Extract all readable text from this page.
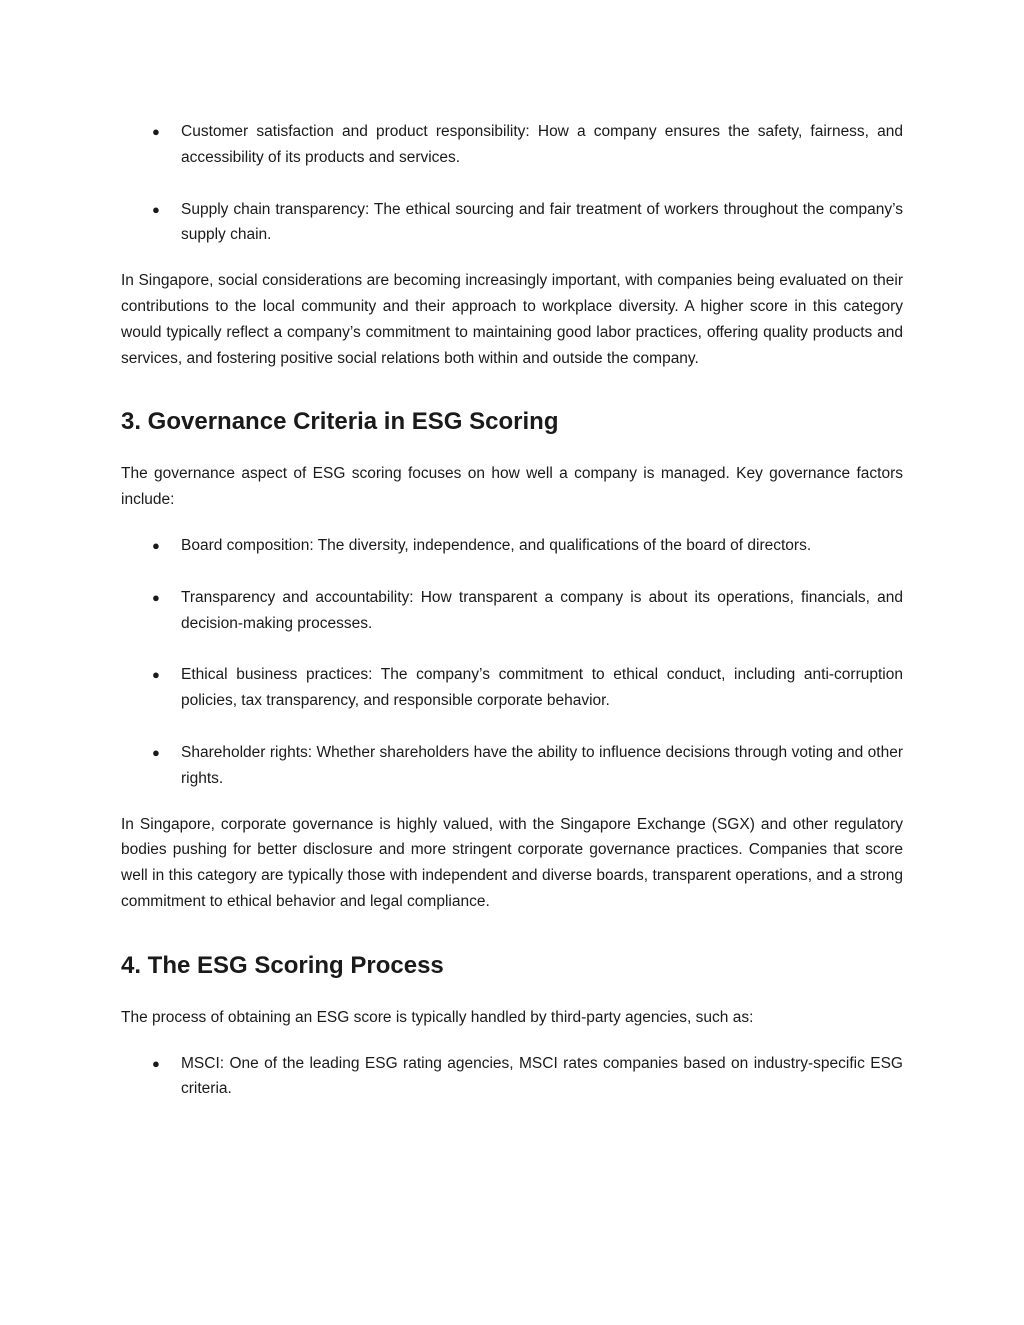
● Customer satisfaction and product responsibility: How a company ensures the safety, fairness, and accessibility of its products and services.
● Supply chain transparency: The ethical sourcing and fair treatment of workers throughout the company’s supply chain.

In Singapore, social considerations are becoming increasingly important, with companies being evaluated on their contributions to the local community and their approach to workplace diversity. A higher score in this category would typically reflect a company’s commitment to maintaining good labor practices, offering quality products and services, and fostering positive social relations both within and outside the company.

3. Governance Criteria in ESG Scoring

The governance aspect of ESG scoring focuses on how well a company is managed. Key governance factors include:

● Board composition: The diversity, independence, and qualifications of the board of directors.
● Transparency and accountability: How transparent a company is about its operations, financials, and decision-making processes.
● Ethical business practices: The company’s commitment to ethical conduct, including anti-corruption policies, tax transparency, and responsible corporate behavior.
● Shareholder rights: Whether shareholders have the ability to influence decisions through voting and other rights.

In Singapore, corporate governance is highly valued, with the Singapore Exchange (SGX) and other regulatory bodies pushing for better disclosure and more stringent corporate governance practices. Companies that score well in this category are typically those with independent and diverse boards, transparent operations, and a strong commitment to ethical behavior and legal compliance.

4. The ESG Scoring Process

The process of obtaining an ESG score is typically handled by third-party agencies, such as:

● MSCI: One of the leading ESG rating agencies, MSCI rates companies based on industry-specific ESG criteria.
